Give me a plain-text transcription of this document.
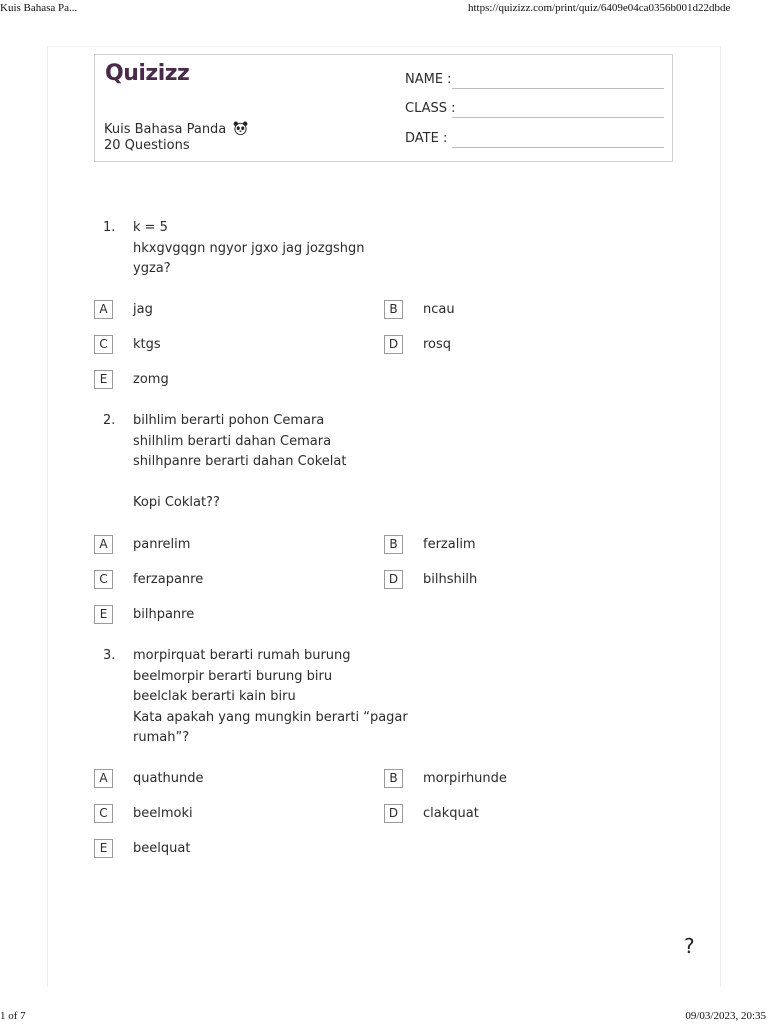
Kuis Bahasa Pa...	https://quizizz.com/print/quiz/6409e04ca0356b001d22dbde
Quizizz
Kuis Bahasa Panda
20 Questions
NAME :
CLASS :
DATE :
1. k = 5
hkxgvgqgn ngyor jgxo jag jozgshgn
ygza?
A	jag	B	ncau
C	ktgs	D	rosq
E	zomg
2. bilhlim berarti pohon Cemara
shilhlim berarti dahan Cemara
shilhpanre berarti dahan Cokelat

Kopi Coklat??
A	panrelim	B	ferzalim
C	ferzapanre	D	bilhshilh
E	bilhpanre
3. morpirquat berarti rumah burung
beelmorpir berarti burung biru
beelclak berarti kain biru
Kata apakah yang mungkin berarti “pagar
rumah”?
A	quathunde	B	morpirhunde
C	beelmoki	D	clakquat
E	beelquat
?
1 of 7	09/03/2023, 20:35
